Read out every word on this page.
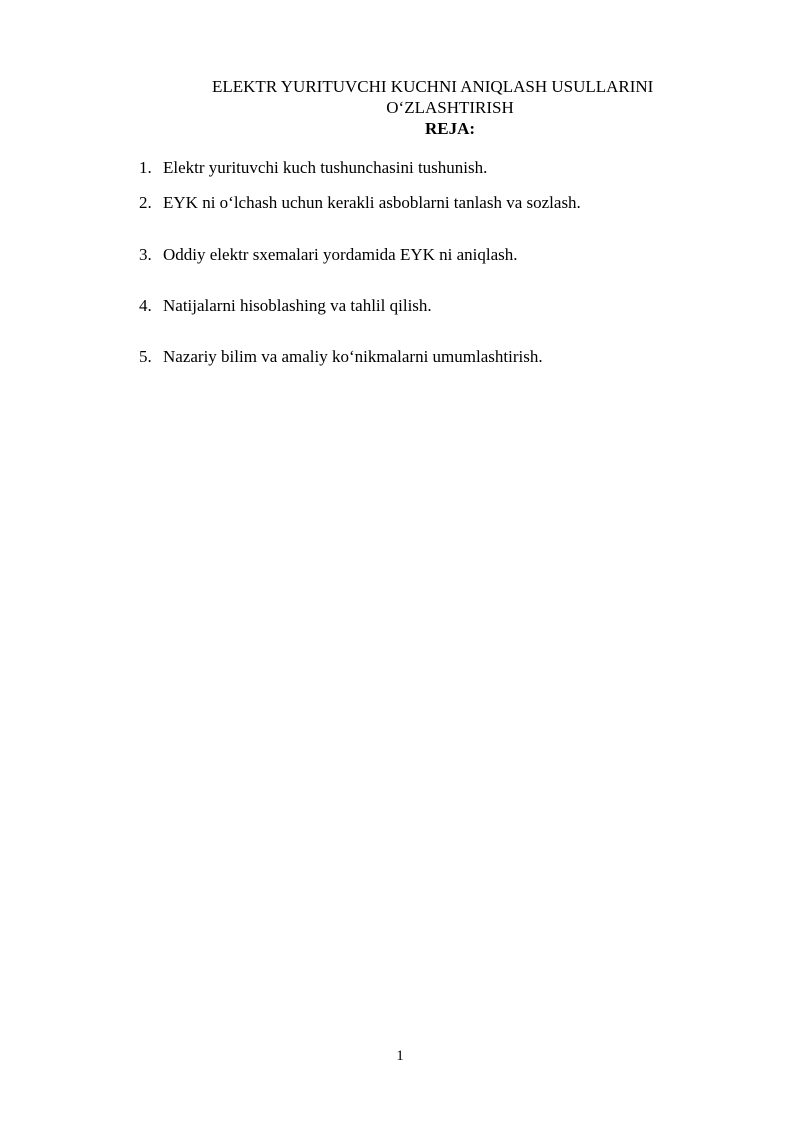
ELEKTR YURITUVCHI KUCHNI ANIQLASH USULLARINI
O‘ZLASHTIRISH
REJA:
1. Elektr yurituvchi kuch tushunchasini tushunish.
2. EYK ni o‘lchash uchun kerakli asboblarni tanlash va sozlash.
3. Oddiy elektr sxemalari yordamida EYK ni aniqlash.
4. Natijalarni hisoblashing va tahlil qilish.
5. Nazariy bilim va amaliy ko‘nikmalarni umumlashtirish.
1
